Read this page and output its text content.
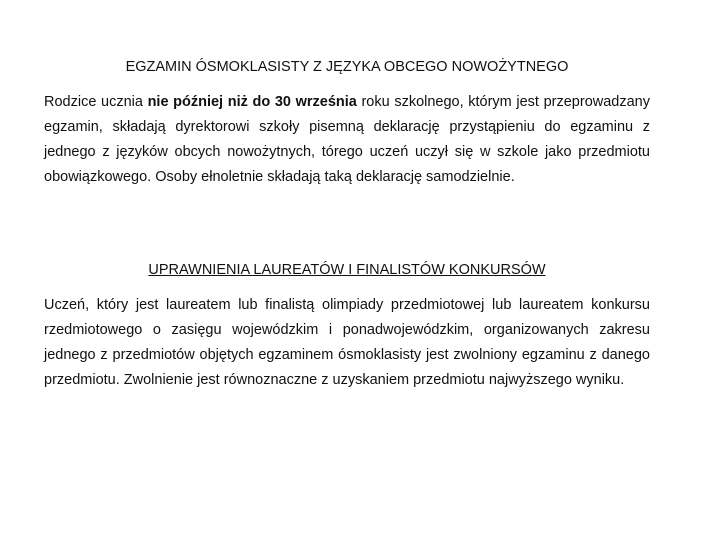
EGZAMIN ÓSMOKLASISTY Z JĘZYKA OBCEGO NOWOŻYTNEGO

Rodzice ucznia nie później niż do 30 września roku szkolnego, którym jest przeprowadzany egzamin, składają dyrektorowi szkoły pisemną deklarację przystąpieniu do egzaminu z jednego z języków obcych nowożytnych, tórego uczeń uczył się w szkole jako przedmiotu obowiązkowego. Osoby ełnoletnie składają taką deklarację samodzielnie.

UPRAWNIENIA LAUREATÓW I FINALISTÓW KONKURSÓW

Uczeń, który jest laureatem lub finalistą olimpiady przedmiotowej lub laureatem konkursu rzedmiotowego o zasięgu wojewódzkim i ponadwojewódzkim, organizowanych zakresu jednego z przedmiotów objętych egzaminem ósmoklasisty jest zwolniony egzaminu z danego przedmiotu. Zwolnienie jest równoznaczne z uzyskaniem przedmiotu najwyższego wyniku.
